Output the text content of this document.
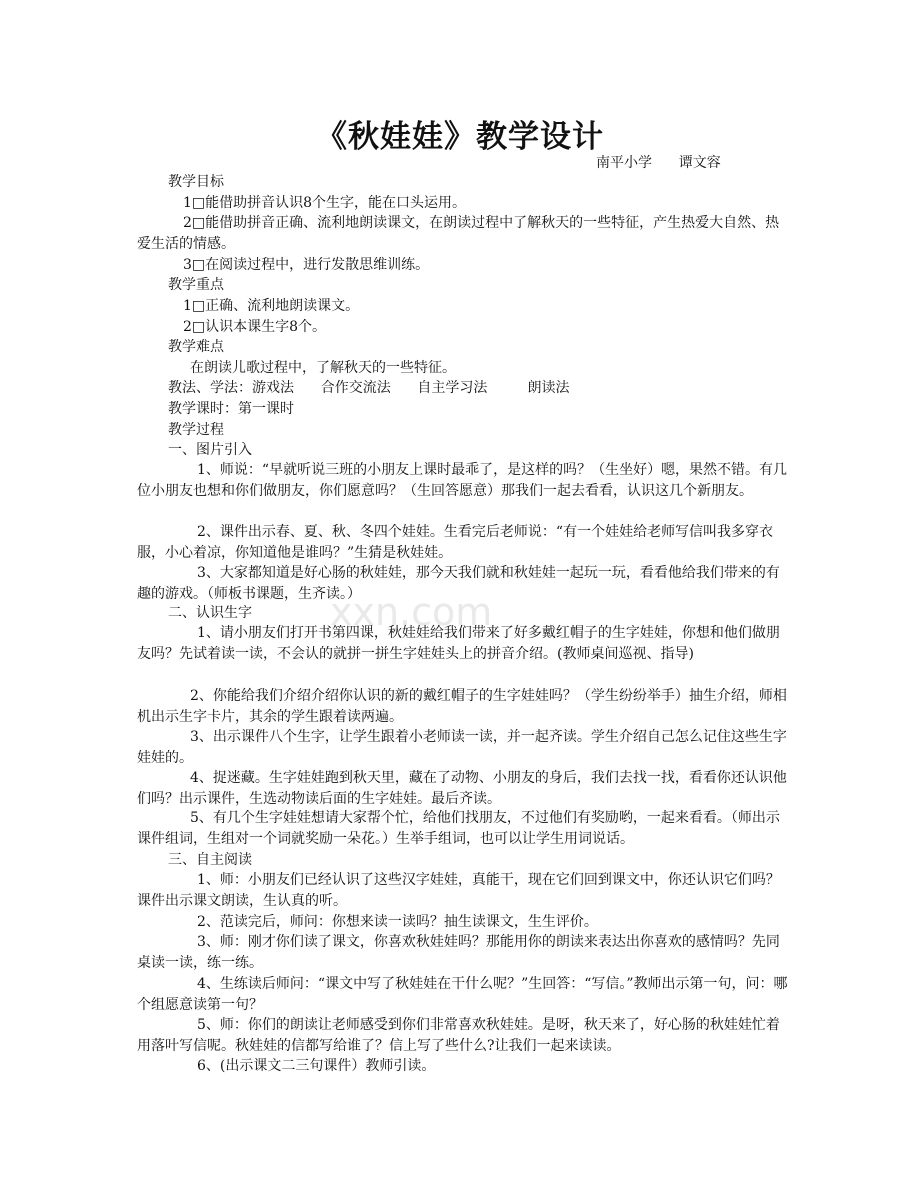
xxn.com
《秋娃娃》教学设计
南平小学      谭文容
教学目标
1□能借助拼音认识8个生字，能在口头运用。
2□能借助拼音正确、流利地朗读课文，在朗读过程中了解秋天的一些特征，产生热爱大自然、热爱生活的情感。
3□在阅读过程中，进行发散思维训练。
教学重点
1□正确、流利地朗读课文。
2□认识本课生字8个。
教学难点
在朗读儿歌过程中，了解秋天的一些特征。
教法、学法：游戏法      合作交流法      自主学习法         朗读法
教学课时：第一课时
教学过程
一、图片引入
1、师说：“早就听说三班的小朋友上课时最乖了，是这样的吗？（生坐好）嗯，果然不错。有几位小朋友也想和你们做朋友，你们愿意吗？（生回答愿意）那我们一起去看看，认识这几个新朋友。
2、课件出示春、夏、秋、冬四个娃娃。生看完后老师说：“有一个娃娃给老师写信叫我多穿衣服，小心着凉，你知道他是谁吗？”生猜是秋娃娃。
3、大家都知道是好心肠的秋娃娃，那今天我们就和秋娃娃一起玩一玩，看看他给我们带来的有趣的游戏。（师板书课题，生齐读。）
二、认识生字
1、请小朋友们打开书第四课，秋娃娃给我们带来了好多戴红帽子的生字娃娃，你想和他们做朋友吗？先试着读一读，不会认的就拼一拼生字娃娃头上的拼音介绍。(教师桌间巡视、指导)
2、你能给我们介绍介绍你认识的新的戴红帽子的生字娃娃吗？（学生纷纷举手）抽生介绍，师相机出示生字卡片，其余的学生跟着读两遍。
3、出示课件八个生字，让学生跟着小老师读一读，并一起齐读。学生介绍自己怎么记住这些生字娃娃的。
4、捉迷藏。生字娃娃跑到秋天里，藏在了动物、小朋友的身后，我们去找一找，看看你还认识他们吗？出示课件，生选动物读后面的生字娃娃。最后齐读。
5、有几个生字娃娃想请大家帮个忙，给他们找朋友，不过他们有奖励哟，一起来看看。（师出示课件组词，生组对一个词就奖励一朵花。）生举手组词，也可以让学生用词说话。
三、自主阅读
1、师：小朋友们已经认识了这些汉字娃娃，真能干，现在它们回到课文中，你还认识它们吗？课件出示课文朗读，生认真的听。
2、范读完后，师问：你想来读一读吗？抽生读课文，生生评价。
3、师：刚才你们读了课文，你喜欢秋娃娃吗？那能用你的朗读来表达出你喜欢的感情吗？先同桌读一读，练一练。
4、生练读后师问：“课文中写了秋娃娃在干什么呢？”生回答：“写信。”教师出示第一句，问：哪个组愿意读第一句？
5、师：你们的朗读让老师感受到你们非常喜欢秋娃娃。是呀，秋天来了，好心肠的秋娃娃忙着用落叶写信呢。秋娃娃的信都写给谁了？信上写了些什么?让我们一起来读读。
6、(出示课文二三句课件）教师引读。
